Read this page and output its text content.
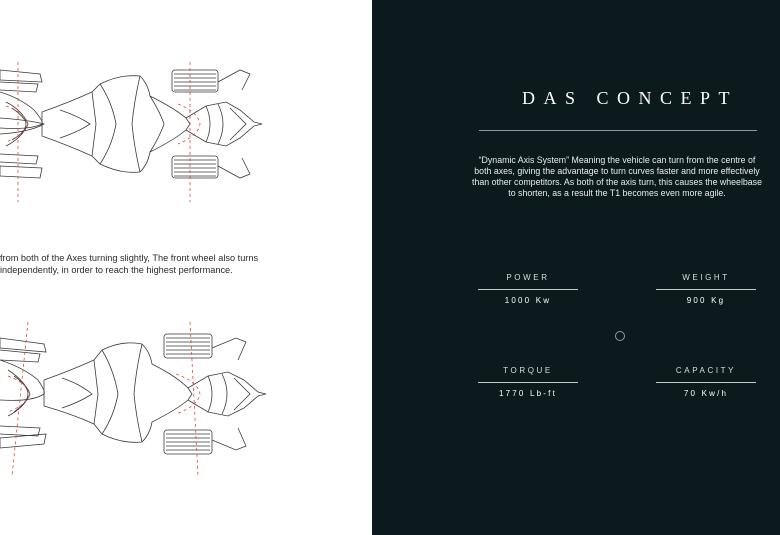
from both of the Axes turning slightly, The front wheel also turns
independently, in order to reach the highest performance.
DAS CONCEPT
“Dynamic Axis System” Meaning the vehicle can turn from the centre of
both axes, giving the advantage to turn curves faster and more effectively
than other competitors. As both of the axis turn, this causes the wheelbase
to shorten, as a result the T1 becomes even more agile.
POWER
1000 Kw
WEIGHT
900 Kg
TORQUE
1770 Lb-ft
CAPACITY
70 Kw/h
